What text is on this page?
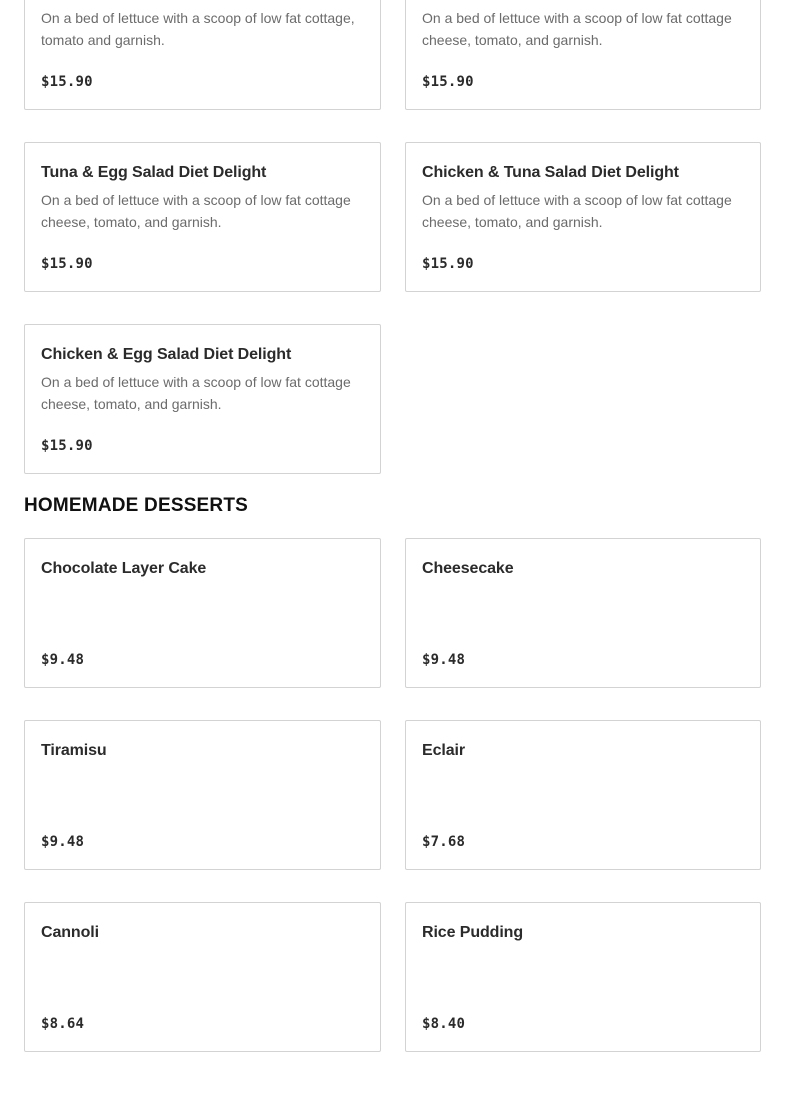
On a bed of lettuce with a scoop of low fat cottage, tomato and garnish.
$15.90
On a bed of lettuce with a scoop of low fat cottage cheese, tomato, and garnish.
$15.90
Tuna & Egg Salad Diet Delight
On a bed of lettuce with a scoop of low fat cottage cheese, tomato, and garnish.
$15.90
Chicken & Tuna Salad Diet Delight
On a bed of lettuce with a scoop of low fat cottage cheese, tomato, and garnish.
$15.90
Chicken & Egg Salad Diet Delight
On a bed of lettuce with a scoop of low fat cottage cheese, tomato, and garnish.
$15.90
HOMEMADE DESSERTS
Chocolate Layer Cake
$9.48
Cheesecake
$9.48
Tiramisu
$9.48
Eclair
$7.68
Cannoli
$8.64
Rice Pudding
$8.40
